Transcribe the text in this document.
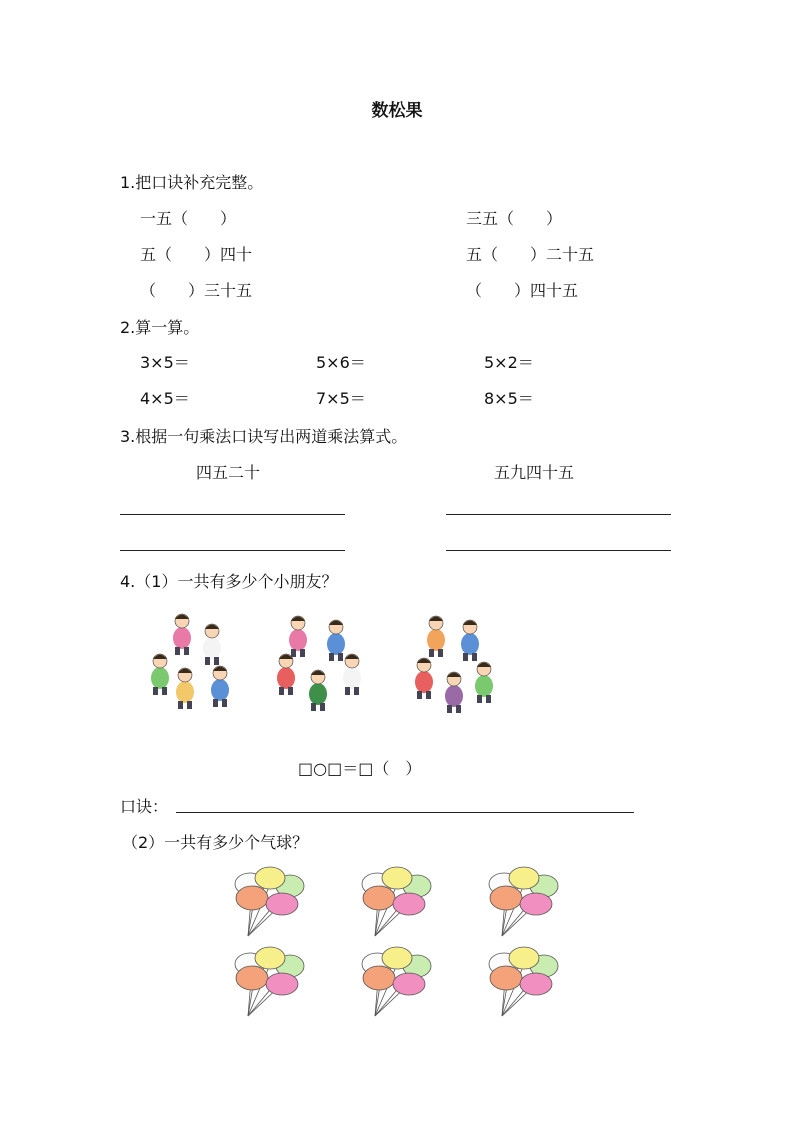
数松果
1.把口诀补充完整。
一五（　　）	三五（　　）
五（　　）四十	五（　　）二十五
（　　）三十五	（　　）四十五
2.算一算。
3×5＝	5×6＝	5×2＝
4×5＝	7×5＝	8×5＝
3.根据一句乘法口诀写出两道乘法算式。
四五二十	五九四十五
4.（1）一共有多少个小朋友？
□○□＝□（　）
口诀：
（2）一共有多少个气球？
